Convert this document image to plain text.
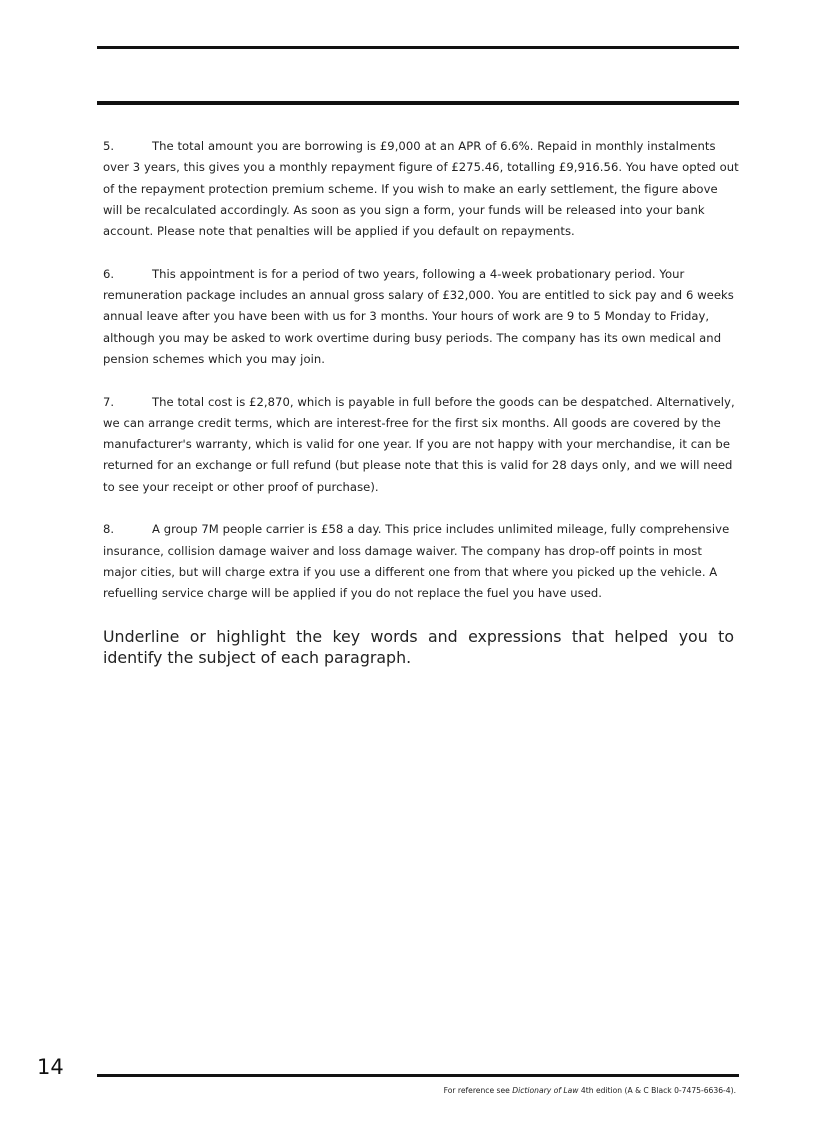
5.	The total amount you are borrowing is £9,000 at an APR of 6.6%. Repaid in monthly instalments over 3 years, this gives you a monthly repayment figure of £275.46, totalling £9,916.56. You have opted out of the repayment protection premium scheme. If you wish to make an early settlement, the figure above will be recalculated accordingly. As soon as you sign a form, your funds will be released into your bank account. Please note that penalties will be applied if you default on repayments.

6.	This appointment is for a period of two years, following a 4-week probationary period. Your remuneration package includes an annual gross salary of £32,000. You are entitled to sick pay and 6 weeks annual leave after you have been with us for 3 months. Your hours of work are 9 to 5 Monday to Friday, although you may be asked to work overtime during busy periods. The company has its own medical and pension schemes which you may join.

7.	The total cost is £2,870, which is payable in full before the goods can be despatched. Alternatively, we can arrange credit terms, which are interest-free for the first six months. All goods are covered by the manufacturer's warranty, which is valid for one year. If you are not happy with your merchandise, it can be returned for an exchange or full refund (but please note that this is valid for 28 days only, and we will need to see your receipt or other proof of purchase).

8.	A group 7M people carrier is £58 a day. This price includes unlimited mileage, fully comprehensive insurance, collision damage waiver and loss damage waiver. The company has drop-off points in most major cities, but will charge extra if you use a different one from that where you picked up the vehicle. A refuelling service charge will be applied if you do not replace the fuel you have used.

Underline or highlight the key words and expressions that helped you to identify the subject of each paragraph.

14
For reference see Dictionary of Law 4th edition (A & C Black 0-7475-6636-4).
